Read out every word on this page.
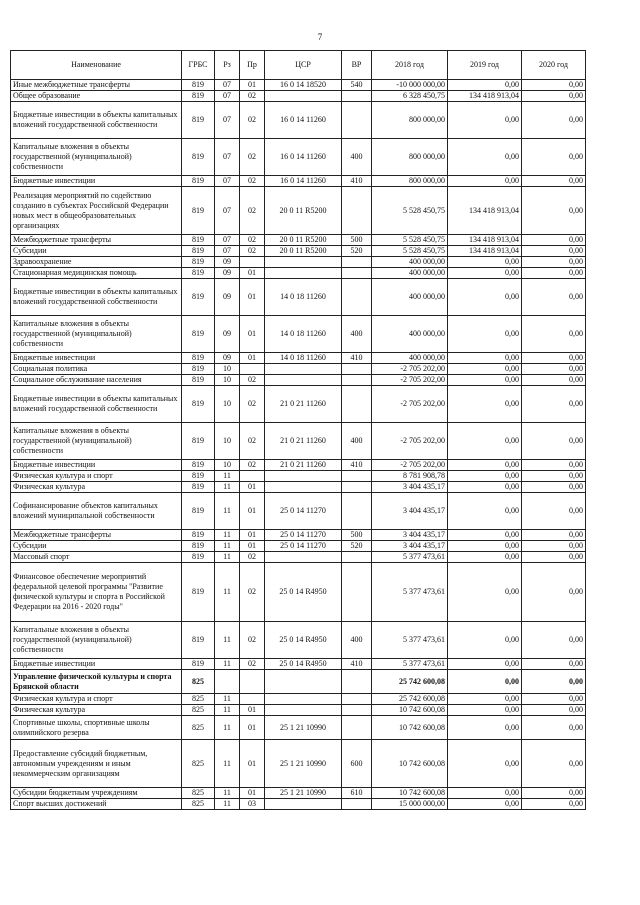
7
Наименование	ГРБС	Рз	Пр	ЦСР	ВР	2018 год	2019 год	2020 год
Иные межбюджетные трансферты	819	07	01	16 0 14 18520	540	-10 000 000,00	0,00	0,00
Общее образование	819	07	02			6 328 450,75	134 418 913,04	0,00
Бюджетные инвестиции в объекты капитальных вложений государственной собственности	819	07	02	16 0 14 11260		800 000,00	0,00	0,00
Капитальные вложения в объекты государственной (муниципальной) собственности	819	07	02	16 0 14 11260	400	800 000,00	0,00	0,00
Бюджетные инвестиции	819	07	02	16 0 14 11260	410	800 000,00	0,00	0,00
Реализация мероприятий по содействию созданию в субъектах Российской Федерации новых мест в общеобразовательных организациях	819	07	02	20 0 11 R5200		5 528 450,75	134 418 913,04	0,00
Межбюджетные трансферты	819	07	02	20 0 11 R5200	500	5 528 450,75	134 418 913,04	0,00
Субсидии	819	07	02	20 0 11 R5200	520	5 528 450,75	134 418 913,04	0,00
Здравоохранение	819	09				400 000,00	0,00	0,00
Стационарная медицинская помощь	819	09	01			400 000,00	0,00	0,00
Бюджетные инвестиции в объекты капитальных вложений государственной собственности	819	09	01	14 0 18 11260		400 000,00	0,00	0,00
Капитальные вложения в объекты государственной (муниципальной) собственности	819	09	01	14 0 18 11260	400	400 000,00	0,00	0,00
Бюджетные инвестиции	819	09	01	14 0 18 11260	410	400 000,00	0,00	0,00
Социальная политика	819	10				-2 705 202,00	0,00	0,00
Социальное обслуживание населения	819	10	02			-2 705 202,00	0,00	0,00
Бюджетные инвестиции в объекты капитальных вложений государственной собственности	819	10	02	21 0 21 11260		-2 705 202,00	0,00	0,00
Капитальные вложения в объекты государственной (муниципальной) собственности	819	10	02	21 0 21 11260	400	-2 705 202,00	0,00	0,00
Бюджетные инвестиции	819	10	02	21 0 21 11260	410	-2 705 202,00	0,00	0,00
Физическая культура и спорт	819	11				8 781 908,78	0,00	0,00
Физическая культура	819	11	01			3 404 435,17	0,00	0,00
Софинансирование объектов капитальных вложений муниципальной собственности	819	11	01	25 0 14 11270		3 404 435,17	0,00	0,00
Межбюджетные трансферты	819	11	01	25 0 14 11270	500	3 404 435,17	0,00	0,00
Субсидии	819	11	01	25 0 14 11270	520	3 404 435,17	0,00	0,00
Массовый спорт	819	11	02			5 377 473,61	0,00	0,00
Финансовое обеспечение мероприятий федеральной целевой программы "Развитие физической культуры и спорта в Российской Федерации на 2016 - 2020 годы"	819	11	02	25 0 14 R4950		5 377 473,61	0,00	0,00
Капитальные вложения в объекты государственной (муниципальной) собственности	819	11	02	25 0 14 R4950	400	5 377 473,61	0,00	0,00
Бюджетные инвестиции	819	11	02	25 0 14 R4950	410	5 377 473,61	0,00	0,00
Управление физической культуры и спорта Брянской области	825					25 742 600,08	0,00	0,00
Физическая культура и спорт	825	11				25 742 600,08	0,00	0,00
Физическая культура	825	11	01			10 742 600,08	0,00	0,00
Спортивные школы, спортивные школы олимпийского резерва	825	11	01	25 1 21 10990		10 742 600,08	0,00	0,00
Предоставление субсидий бюджетным, автономным учреждениям и иным некоммерческим организациям	825	11	01	25 1 21 10990	600	10 742 600,08	0,00	0,00
Субсидии бюджетным учреждениям	825	11	01	25 1 21 10990	610	10 742 600,08	0,00	0,00
Спорт высших достижений	825	11	03			15 000 000,00	0,00	0,00
